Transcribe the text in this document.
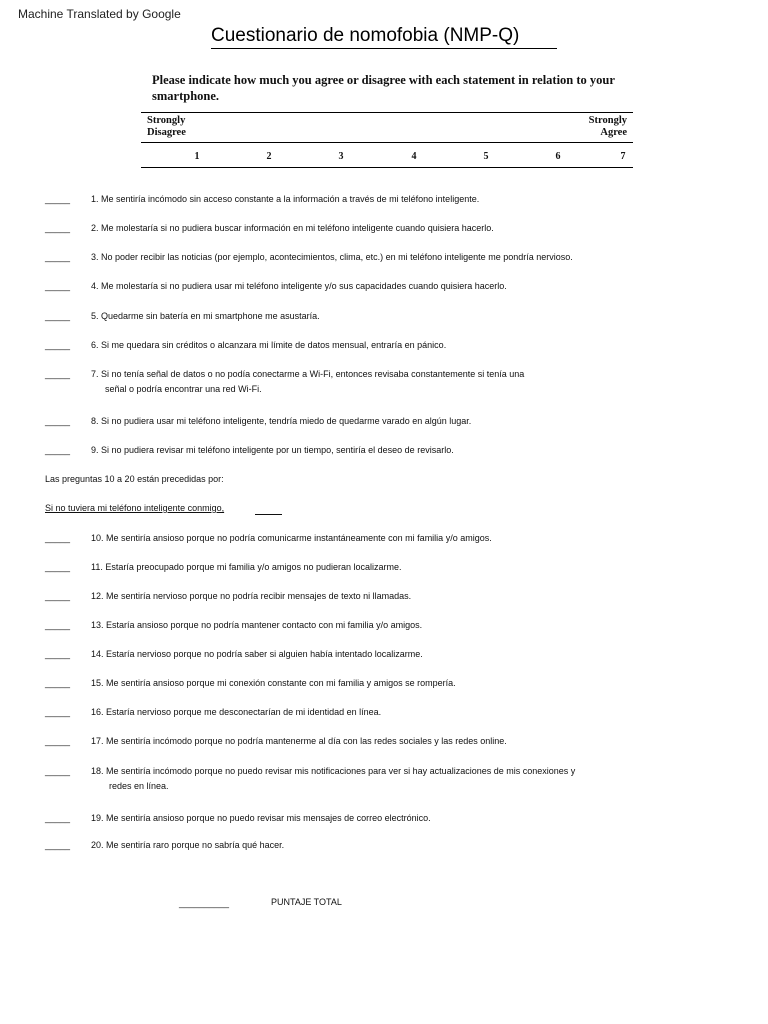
Machine Translated by Google
Cuestionario de nomofobia (NMP-Q)
Please indicate how much you agree or disagree with each statement in relation to your smartphone.
Strongly
Disagree
Strongly
Agree
1	2	3	4	5	6	7
_____ 1. Me sentiría incómodo sin acceso constante a la información a través de mi teléfono inteligente.
_____ 2. Me molestaría si no pudiera buscar información en mi teléfono inteligente cuando quisiera hacerlo.
_____ 3. No poder recibir las noticias (por ejemplo, acontecimientos, clima, etc.) en mi teléfono inteligente me pondría nervioso.
_____ 4. Me molestaría si no pudiera usar mi teléfono inteligente y/o sus capacidades cuando quisiera hacerlo.
_____ 5. Quedarme sin batería en mi smartphone me asustaría.
_____ 6. Si me quedara sin créditos o alcanzara mi límite de datos mensual, entraría en pánico.
_____ 7. Si no tenía señal de datos o no podía conectarme a Wi-Fi, entonces revisaba constantemente si tenía una
señal o podría encontrar una red Wi-Fi.
_____ 8. Si no pudiera usar mi teléfono inteligente, tendría miedo de quedarme varado en algún lugar.
_____ 9. Si no pudiera revisar mi teléfono inteligente por un tiempo, sentiría el deseo de revisarlo.
Las preguntas 10 a 20 están precedidas por:
Si no tuviera mi teléfono inteligente conmigo,
_____ 10. Me sentiría ansioso porque no podría comunicarme instantáneamente con mi familia y/o amigos.
_____ 11. Estaría preocupado porque mi familia y/o amigos no pudieran localizarme.
_____ 12. Me sentiría nervioso porque no podría recibir mensajes de texto ni llamadas.
_____ 13. Estaría ansioso porque no podría mantener contacto con mi familia y/o amigos.
_____ 14. Estaría nervioso porque no podría saber si alguien había intentado localizarme.
_____ 15. Me sentiría ansioso porque mi conexión constante con mi familia y amigos se rompería.
_____ 16. Estaría nervioso porque me desconectarían de mi identidad en línea.
_____ 17. Me sentiría incómodo porque no podría mantenerme al día con las redes sociales y las redes online.
_____ 18. Me sentiría incómodo porque no puedo revisar mis notificaciones para ver si hay actualizaciones de mis conexiones y
redes en línea.
_____ 19. Me sentiría ansioso porque no puedo revisar mis mensajes de correo electrónico.
_____ 20. Me sentiría raro porque no sabría qué hacer.
__________	PUNTAJE TOTAL
